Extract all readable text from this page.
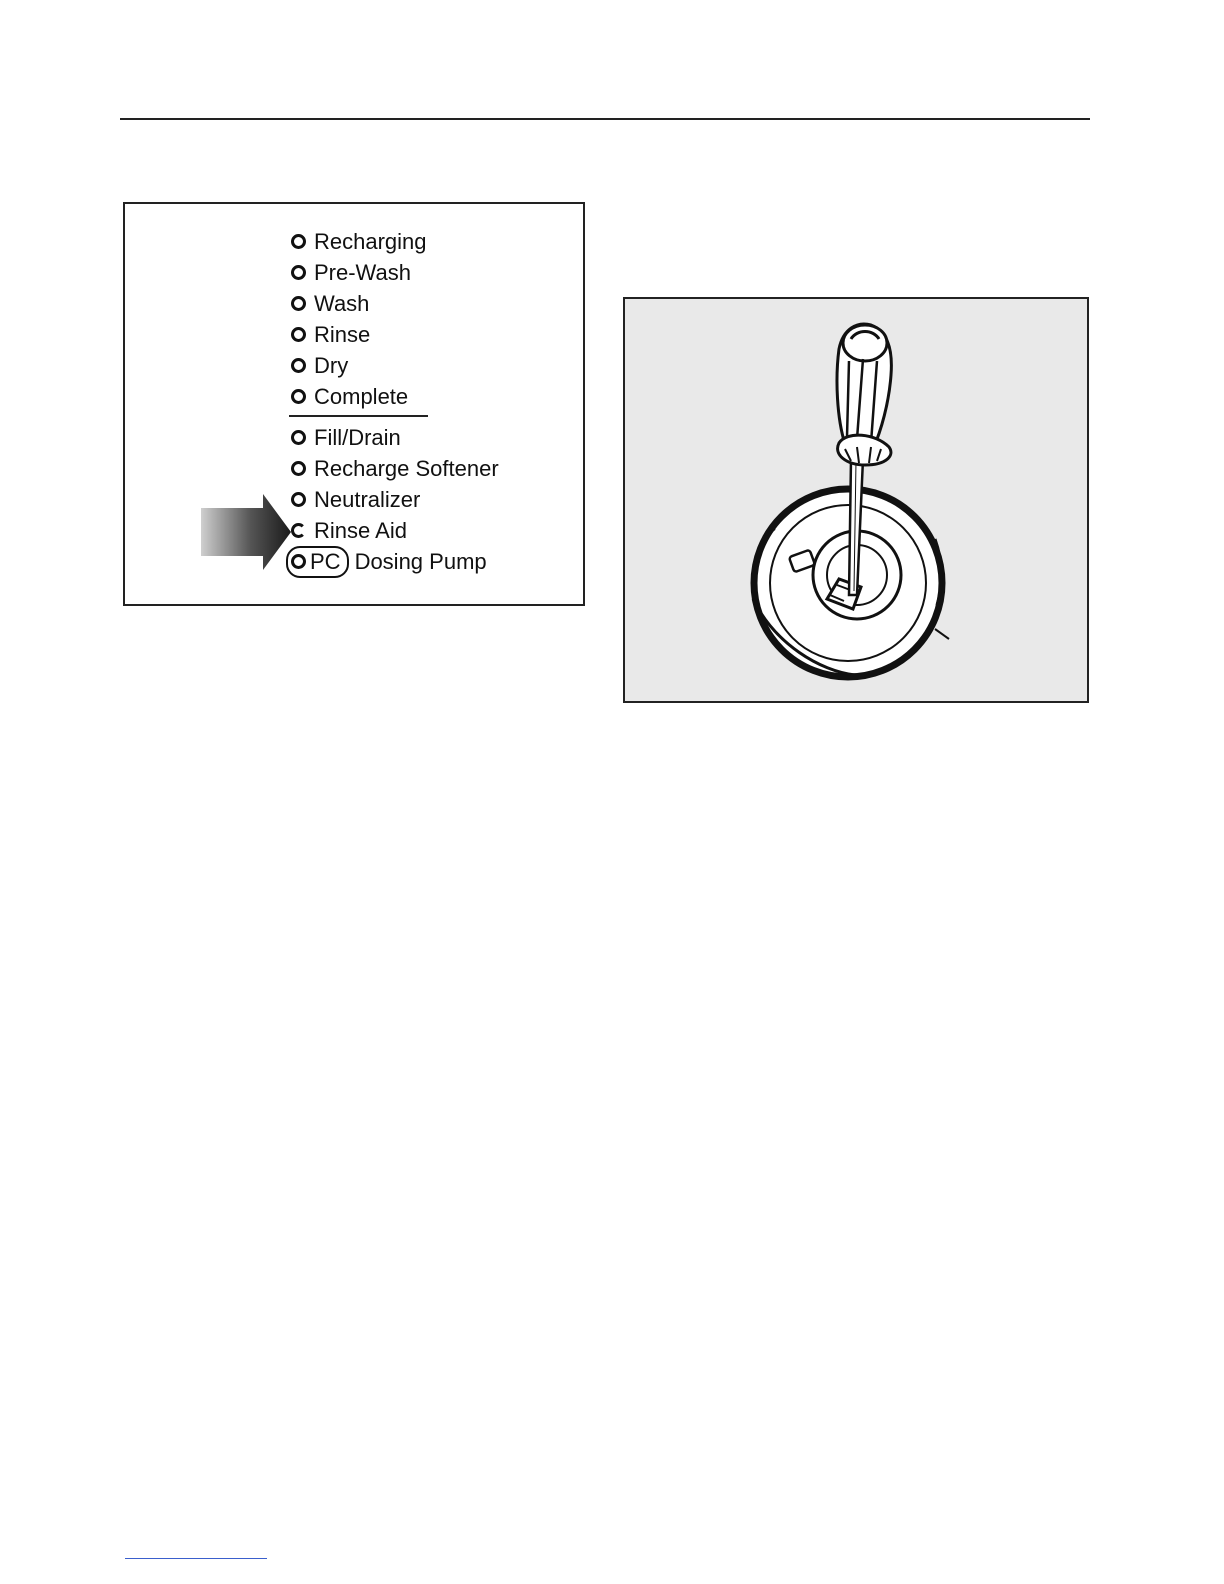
Recharging
Pre-Wash
Wash
Rinse
Dry
Complete
Fill/Drain
Recharge Softener
Neutralizer
Rinse Aid
PC Dosing Pump
